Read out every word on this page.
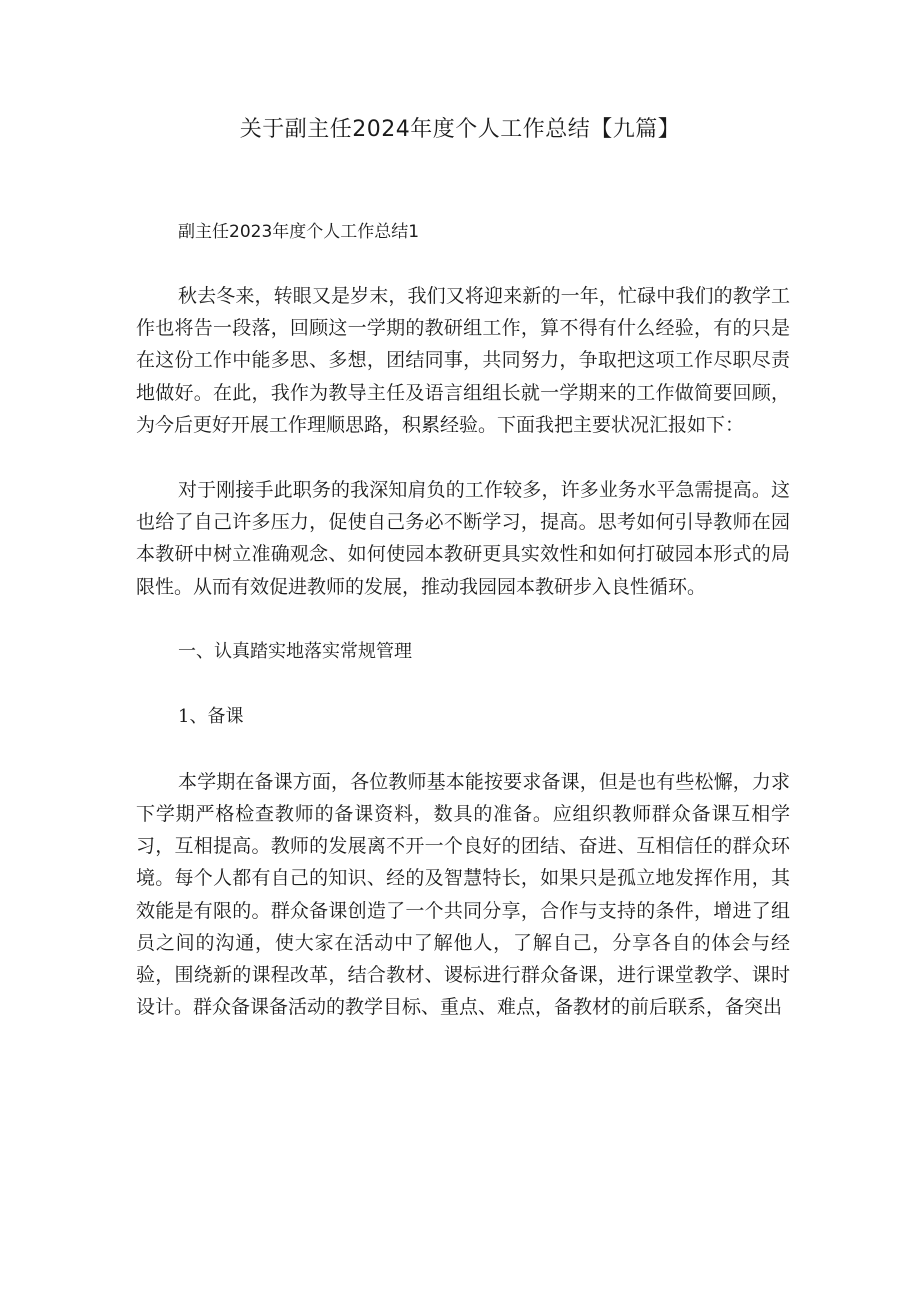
关于副主任2024年度个人工作总结【九篇】

副主任2023年度个人工作总结1

秋去冬来，转眼又是岁末，我们又将迎来新的一年，忙碌中我们的教学工作也将告一段落，回顾这一学期的教研组工作，算不得有什么经验，有的只是在这份工作中能多思、多想，团结同事，共同努力，争取把这项工作尽职尽责地做好。在此，我作为教导主任及语言组组长就一学期来的工作做简要回顾，为今后更好开展工作理顺思路，积累经验。下面我把主要状况汇报如下：

对于刚接手此职务的我深知肩负的工作较多，许多业务水平急需提高。这也给了自己许多压力，促使自己务必不断学习，提高。思考如何引导教师在园本教研中树立准确观念、如何使园本教研更具实效性和如何打破园本形式的局限性。从而有效促进教师的发展，推动我园园本教研步入良性循环。

一、认真踏实地落实常规管理

1、备课

本学期在备课方面，各位教师基本能按要求备课，但是也有些松懈，力求下学期严格检查教师的备课资料，数具的准备。应组织教师群众备课互相学习，互相提高。教师的发展离不开一个良好的团结、奋进、互相信任的群众环境。每个人都有自己的知识、经的及智慧特长，如果只是孤立地发挥作用，其效能是有限的。群众备课创造了一个共同分享，合作与支持的条件，增进了组员之间的沟通，使大家在活动中了解他人，了解自己，分享各自的体会与经验，围绕新的课程改革，结合教材、谡标进行群众备课，进行课堂教学、课时设计。群众备课备活动的教学目标、重点、难点，备教材的前后联系，备突出
